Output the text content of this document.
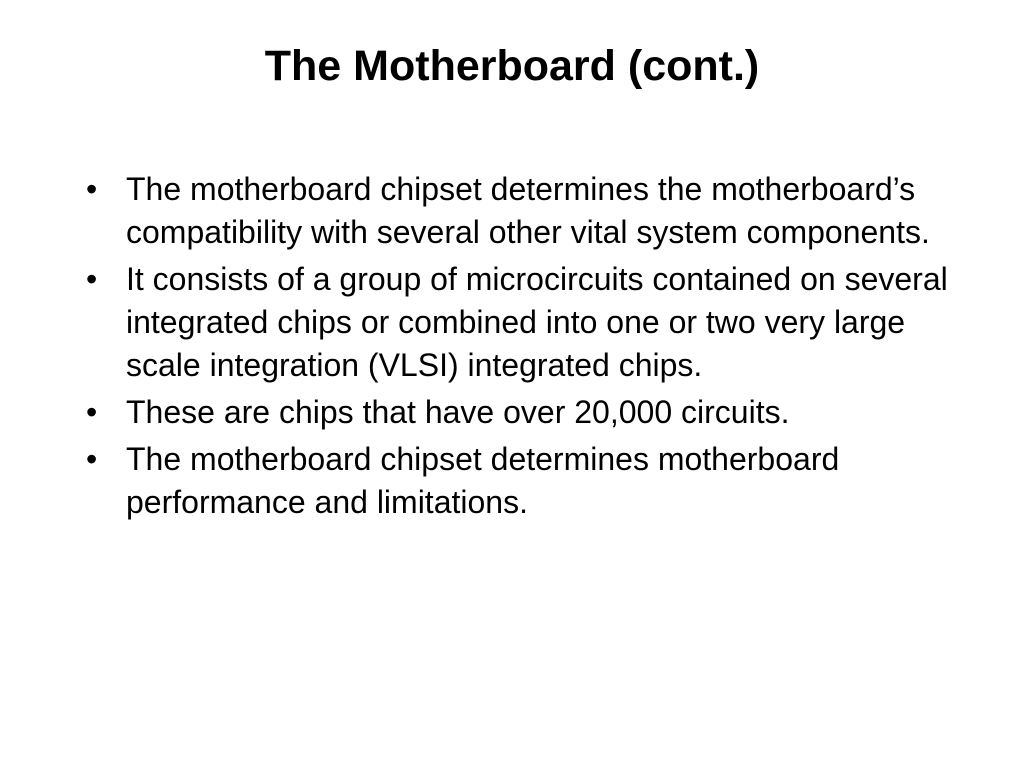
The Motherboard (cont.)
• The motherboard chipset determines the motherboard’s compatibility with several other vital system components.
• It consists of a group of microcircuits contained on several integrated chips or combined into one or two very large scale integration (VLSI) integrated chips.
• These are chips that have over 20,000 circuits.
• The motherboard chipset determines motherboard performance and limitations.
